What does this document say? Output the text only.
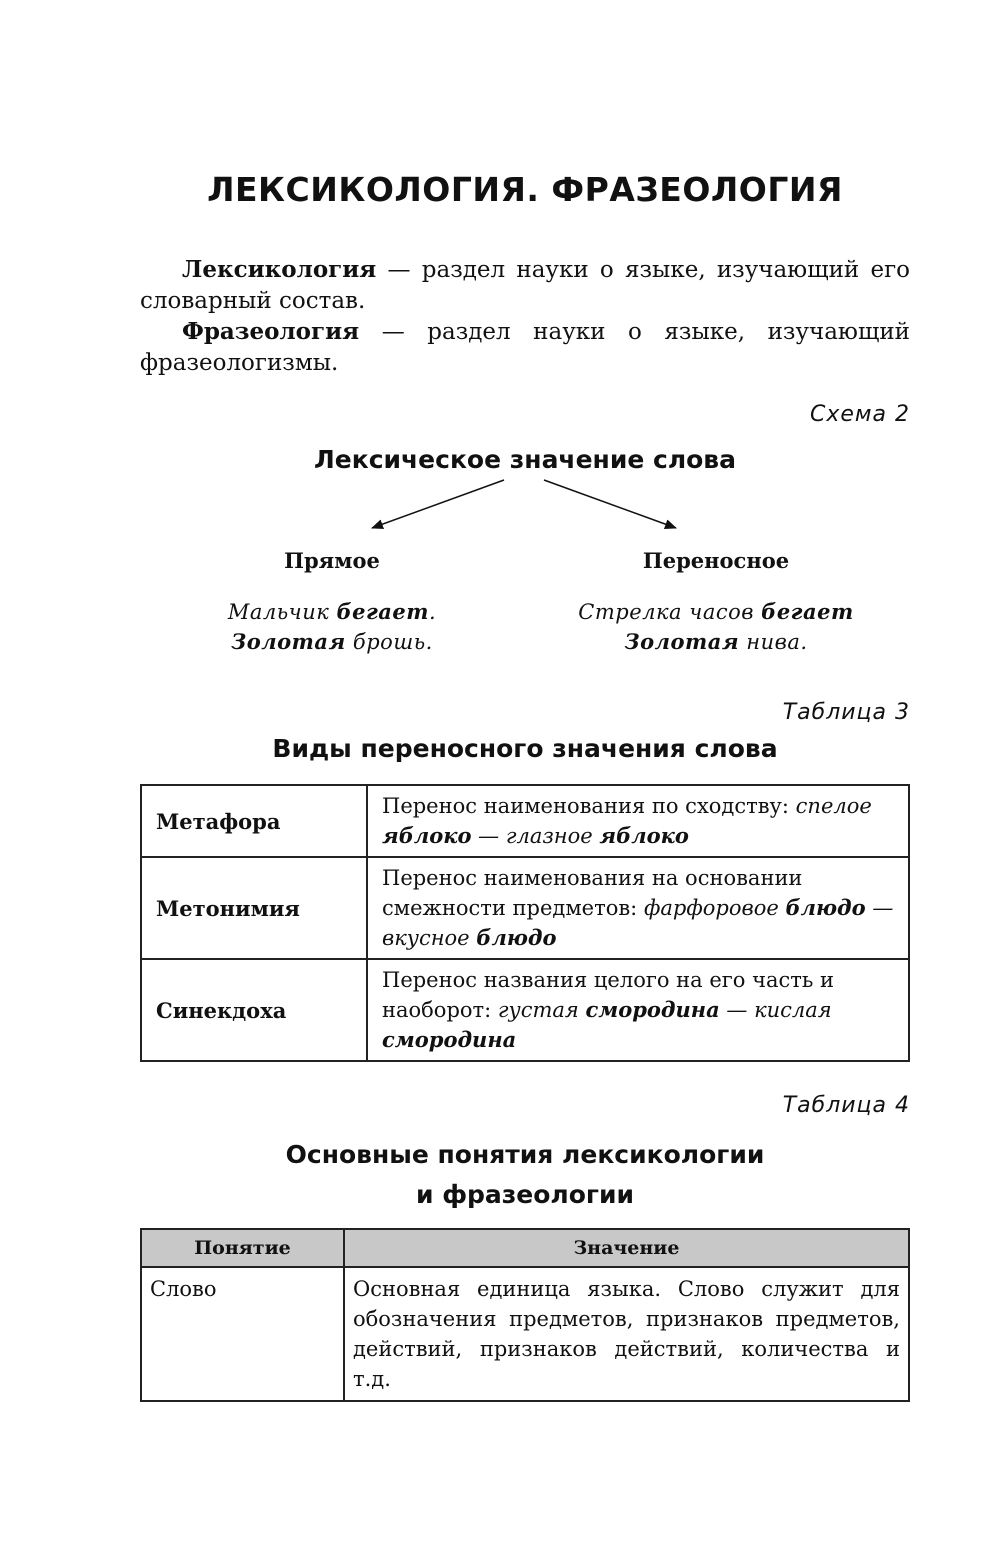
ЛЕКСИКОЛОГИЯ. ФРАЗЕОЛОГИЯ

Лексикология — раздел науки о языке, изучающий его словарный состав.

Фразеология — раздел науки о языке, изучающий фразеологизмы.

Схема 2
Лексическое значение слова
Прямое
Мальчик бегает.
Золотая брошь.
Переносное
Стрелка часов бегает
Золотая нива.
Таблица 3
Виды переносного значения слова
Метафора	Перенос наименования по сходству: спелое яблоко — глазное яблоко
Метонимия	Перенос наименования на основании смежности предметов: фарфоровое блюдо — вкусное блюдо
Синекдоха	Перенос названия целого на его часть и наоборот: густая смородина — кислая смородина
Таблица 4
Основные понятия лексикологии
и фразеологии
Понятие	Значение
Слово	Основная единица языка. Слово служит для обозначения предметов, признаков предметов, действий, признаков действий, количества и т.д.
